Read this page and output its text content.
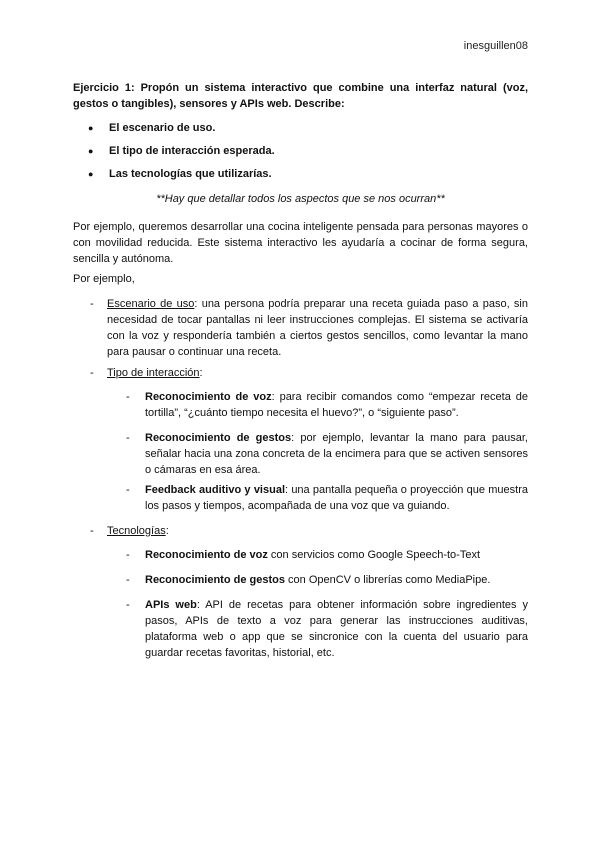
inesguillen08
Ejercicio 1: Propón un sistema interactivo que combine una interfaz natural (voz, gestos o tangibles), sensores y APIs web. Describe:
● El escenario de uso.
● El tipo de interacción esperada.
● Las tecnologías que utilizarías.
**Hay que detallar todos los aspectos que se nos ocurran**
Por ejemplo, queremos desarrollar una cocina inteligente pensada para personas mayores o con movilidad reducida. Este sistema interactivo les ayudaría a cocinar de forma segura, sencilla y autónoma.
Por ejemplo,
- Escenario de uso: una persona podría preparar una receta guiada paso a paso, sin necesidad de tocar pantallas ni leer instrucciones complejas. El sistema se activaría con la voz y respondería también a ciertos gestos sencillos, como levantar la mano para pausar o continuar una receta.
- Tipo de interacción:
- Reconocimiento de voz: para recibir comandos como “empezar receta de tortilla”, “¿cuánto tiempo necesita el huevo?”, o “siguiente paso”.
- Reconocimiento de gestos: por ejemplo, levantar la mano para pausar, señalar hacia una zona concreta de la encimera para que se activen sensores o cámaras en esa área.
- Feedback auditivo y visual: una pantalla pequeña o proyección que muestra los pasos y tiempos, acompañada de una voz que va guiando.
- Tecnologías:
- Reconocimiento de voz con servicios como Google Speech-to-Text
- Reconocimiento de gestos con OpenCV o librerías como MediaPipe.
- APIs web: API de recetas para obtener información sobre ingredientes y pasos, APIs de texto a voz para generar las instrucciones auditivas, plataforma web o app que se sincronice con la cuenta del usuario para guardar recetas favoritas, historial, etc.
